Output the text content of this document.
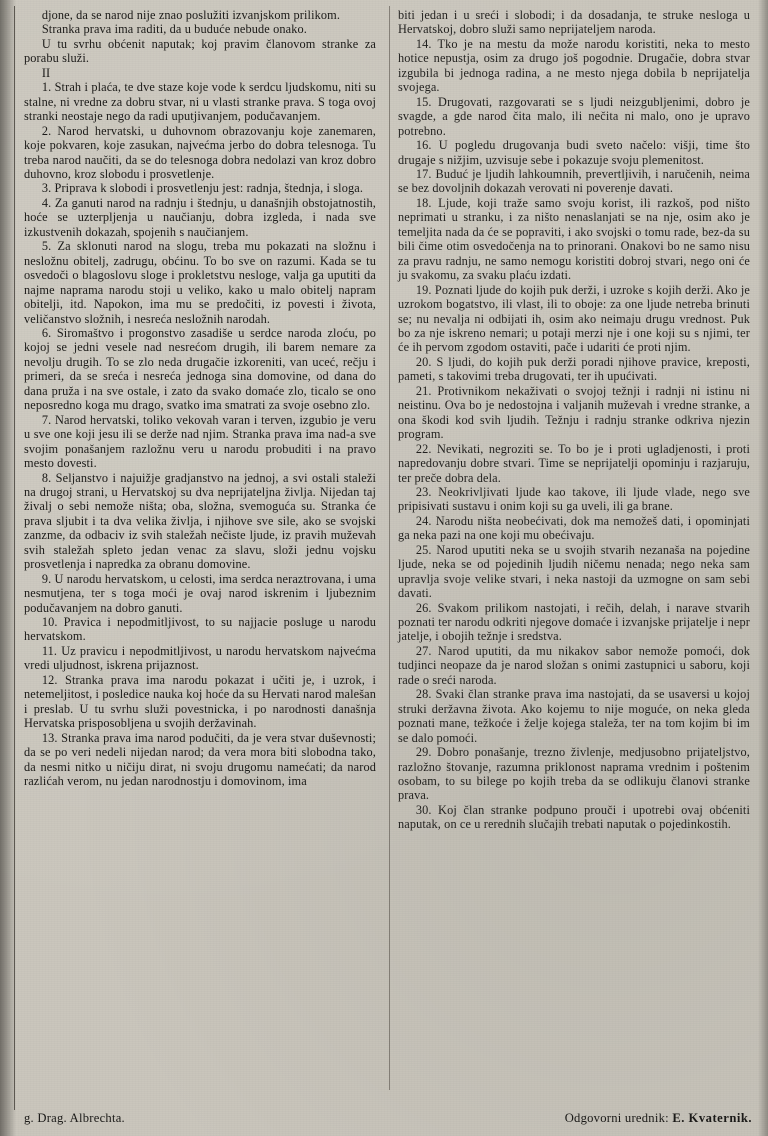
djone, da se narod nije znao poslužiti izvanjskom prilikom.

Stranka prava ima raditi, da u buduće nebude onako.

U tu svrhu obćenit naputak; koj pravim članovom stranke za porabu služi.

II

1. Strah i plaća, te dve staze koje vode k serdcu ljudskomu, niti su stalne, ni vredne za dobru stvar, ni u vlasti stranke prava. S toga ovoj stranki neostaje nego da radi uputjivanjem, podučavanjem.

2. Narod hervatski, u duhovnom obrazovanju koje zanemaren, koje pokvaren, koje zasukan, najvećma jerbo do dobra telesnoga. Tu treba narod naučiti, da se do telesnoga dobra nedolazi van kroz dobro duhovno, kroz slobodu i prosvetlenje.

3. Priprava k slobodi i prosvetlenju jest: radnja, štednja, i sloga.

4. Za ganuti narod na radnju i štednju, u današnjih obstojatnostih, hoće se uzterpljenja u naučianju, dobra izgleda, i nada sve izkustvenih dokazah, spojenih s naučianjem.

5. Za sklonuti narod na slogu, treba mu pokazati na složnu i nesložnu obitelj, zadrugu, obćinu. To bo sve on razumi. Kada se tu osvedoči o blagoslovu sloge i prokletstvu nesloge, valja ga uputiti da najme naprama narodu stoji u veliko, kako u malo obitelj napram obitelji, itd. Napokon, ima mu se predočiti, iz povesti i života, veličanstvo složnih, i nesreća nesložnih narodah.

6. Siromaštvo i progonstvo zasadiše u serdce naroda zloću, po kojoj se jedni vesele nad nesrećom drugih, ili barem nemare za nevolju drugih. To se zlo neda drugačie izkoreniti, van uceć, rečju i primeri, da se sreća i nesreća jednoga sina domovine, od dana do dana pruža i na sve ostale, i zato da svako domaće zlo, ticalo se ono neposredno koga mu drago, svatko ima smatrati za svoje osebno zlo.

7. Narod hervatski, toliko vekovah varan i terven, izgubio je veru u sve one koji jesu ili se derže nad njim. Stranka prava ima nad-a sve svojim ponašanjem razložnu veru u narodu probuditi i na pravo mesto dovesti.

8. Seljanstvo i najuižje gradjanstvo na jednoj, a svi ostali staleži na drugoj strani, u Hervatskoj su dva neprijateljna življa. Nijedan taj živalj o sebi nemože ništa; oba, složna, svemoguća su. Stranka će prava sljubit i ta dva velika življa, i njihove sve sile, ako se svojski zanzme, da odbaciv iz svih staležah nečiste ljude, iz pravih muževah svih staležah spleto jedan venac za slavu, složi jednu vojsku prosvetlenja i napredka za obranu domovine.

9. U narodu hervatskom, u celosti, ima serdca neraztrovana, i uma nesmutjena, ter s toga moći je ovaj narod iskrenim i ljubeznim podučavanjem na dobro ganuti.

10. Pravica i nepodmitljivost, to su najjacie posluge u narodu hervatskom.

11. Uz pravicu i nepodmitljivost, u narodu hervatskom najvećma vredi uljudnost, iskrena prijaznost.

12. Stranka prava ima narodu pokazat i učiti je, i uzrok, i netemeljitost, i posledice nauka koj hoće da su Hervati narod malešan i preslab. U tu svrhu služi povestnicka, i po narodnosti današnja Hervatska prisposobljena u svojih deržavinah.

13. Stranka prava ima narod podučiti, da je vera stvar duševnosti; da se po veri nedeli nijedan narod; da vera mora biti slobodna tako, da nesmi nitko u ničiju dirat, ni svoju drugomu namećati; da narod razlićah verom, nu jedan narodnostju i domovinom, ima

biti jedan i u sreći i slobodi; i da dosadanja, te struke neslogа u Hervatskoj, dobro služi samo neprijateljem naroda.

14. Tko je na mestu da može narodu koristiti, neka to mesto hotice nepustja, osim za drugo još pogodnie. Drugačie, dobra stvar izgubila bi jednoga radina, a ne mesto njega dobila b neprijatelja svojega.

15. Drugovati, razgovarati se s ljudi neizgubljenimi, dobro je svagde, a gde narod čita malo, ili nečita ni malo, ono je upravo potrebno.

16. U pogledu drugovanja budi sveto načelo: višji, time što drugaje s nižjim, uzvisuje sebe i pokazuje svoju plemenitost.

17. Buduć je ljudih lahkoumnih, prevertljivih, i naručenih, neima se bez dovoljnih dokazah verovati ni poverenje davati.

18. Ljude, koji traže samo svoju korist, ili razkoš, pod ništo neprimati u stranku, i za ništo nenaslanjati se na nje, osim ako je temeljita nada da će se popraviti, i ako svojski o tomu rade, bez-da su bili čime otim osvedočenja na to prinorani. Onakovi bo ne samo nisu za pravu radnju, ne samo nemogu koristiti dobroj stvari, nego oni će ju svakomu, za svaku plaću izdati.

19. Poznati ljude do kojih puk derži, i uzroke s kojih derži. Ako je uzrokom bogatstvo, ili vlast, ili to oboje: za one ljude netreba brinuti se; nu nevalja ni odbijati ih, osim ako neimaju drugu vrednost. Puk bo za nje iskreno nemari; u potaji merzi nje i one koji su s njimi, ter će ih pervom zgodom ostaviti, pače i udariti će proti njim.

20. S ljudi, do kojih puk derži poradi njihove pravice, kreposti, pameti, s takovimi treba drugovati, ter ih upućivati.

21. Protivnikom nekaživati o svojoj težnji i radnji ni istinu ni neistinu. Ova bo je nedostojna i valjanih muževah i vredne stranke, a ona škodi kod svih ljudih. Težnju i radnju stranke odkriva njezin program.

22. Nevikati, negroziti se. To bo je i proti ugladjenosti, i proti napredovanju dobre stvari. Time se neprijatelji opominju i razjaruju, ter preče dobra dela.

23. Neokrivljivati ljude kao takove, ili ljude vlade, nego sve pripisivati sustavu i onim koji su ga uveli, ili ga brane.

24. Narodu ništa neobećivati, dok ma nemožeš dati, i opominjati ga neka pazi na one koji mu obećivaju.

25. Narod uputiti neka se u svojih stvarih nezanaša na pojedine ljude, neka se od pojedinih ljudih ničemu nenada; nego neka sam upravlja svoje velike stvari, i neka nastoji da uzmogne on sam sebi davati.

26. Svakom prilikom nastojati, i rečih, delah, i narave stvarih poznati ter narodu odkriti njegove domaće i izvanjske prijatelje i nepr jatelje, i obojih težnje i sredstva.

27. Narod uputiti, da mu nikakov sabor nemože pomoći, dok tudjinci neopaze da je narod složan s onimi zastupnici u saboru, koji rade o sreći naroda.

28. Svaki član stranke prava ima nastojati, da se usaversi u kojoj struki deržavna života. Ako kojemu to nije moguće, on neka gleda poznati mane, težkoće i želje kojega staleža, ter na tom kojim bi im se dalo pomoći.

29. Dobro ponašanje, trezno živlenje, medjusobno prijateljstvo, razložno štovanje, razumna priklonost naprama vrednim i poštenim osobam, to su bilege po kojih treba da se odlikuju članovi stranke prava.

30. Koj član stranke podpuno prouči i upotrebi ovaj obćeniti naputak, on ce u rerednih slučajih trebati naputak o pojedinkostih.

g. Drag. Albrechta.	Odgovorni urednik: E. Kvaternik.
